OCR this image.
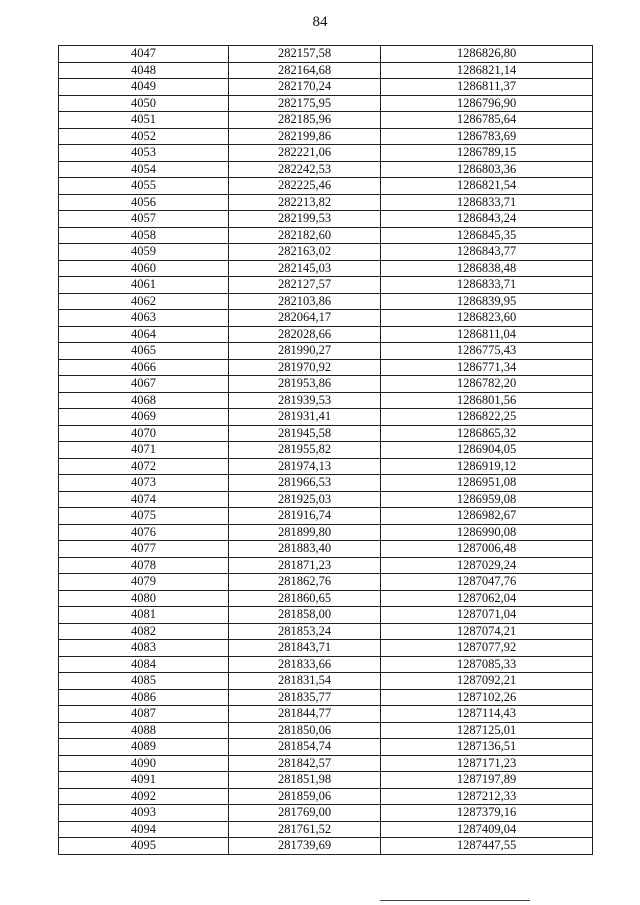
84
4047	282157,58	1286826,80
4048	282164,68	1286821,14
4049	282170,24	1286811,37
4050	282175,95	1286796,90
4051	282185,96	1286785,64
4052	282199,86	1286783,69
4053	282221,06	1286789,15
4054	282242,53	1286803,36
4055	282225,46	1286821,54
4056	282213,82	1286833,71
4057	282199,53	1286843,24
4058	282182,60	1286845,35
4059	282163,02	1286843,77
4060	282145,03	1286838,48
4061	282127,57	1286833,71
4062	282103,86	1286839,95
4063	282064,17	1286823,60
4064	282028,66	1286811,04
4065	281990,27	1286775,43
4066	281970,92	1286771,34
4067	281953,86	1286782,20
4068	281939,53	1286801,56
4069	281931,41	1286822,25
4070	281945,58	1286865,32
4071	281955,82	1286904,05
4072	281974,13	1286919,12
4073	281966,53	1286951,08
4074	281925,03	1286959,08
4075	281916,74	1286982,67
4076	281899,80	1286990,08
4077	281883,40	1287006,48
4078	281871,23	1287029,24
4079	281862,76	1287047,76
4080	281860,65	1287062,04
4081	281858,00	1287071,04
4082	281853,24	1287074,21
4083	281843,71	1287077,92
4084	281833,66	1287085,33
4085	281831,54	1287092,21
4086	281835,77	1287102,26
4087	281844,77	1287114,43
4088	281850,06	1287125,01
4089	281854,74	1287136,51
4090	281842,57	1287171,23
4091	281851,98	1287197,89
4092	281859,06	1287212,33
4093	281769,00	1287379,16
4094	281761,52	1287409,04
4095	281739,69	1287447,55
